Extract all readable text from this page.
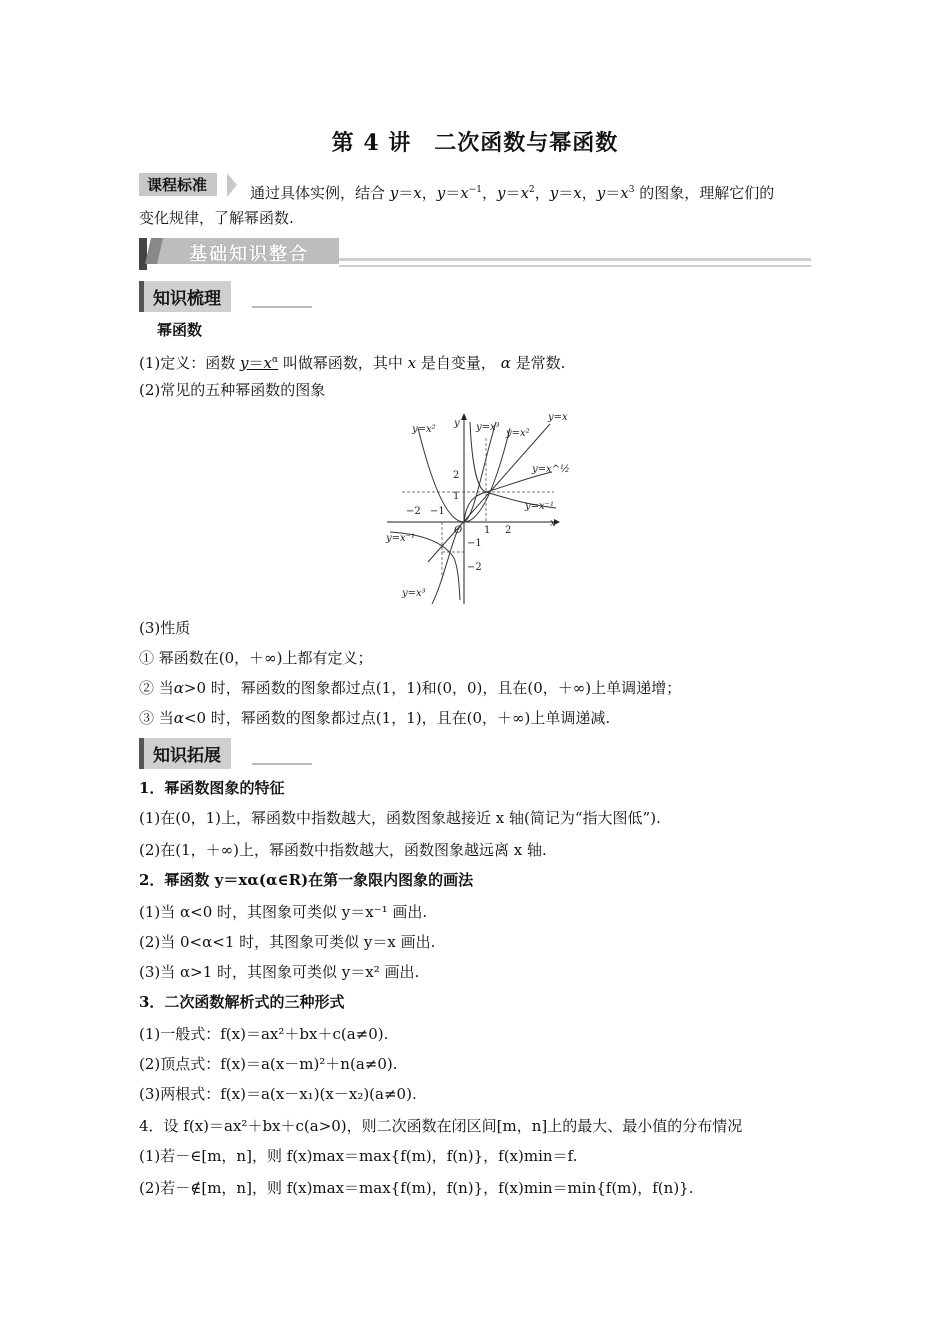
第 4 讲　二次函数与幂函数
课程标准	通过具体实例，结合 y＝x，$y=x^{-1}$，$y=x^2$，y＝x，$y=x^3$ 的图象，理解它们的
变化规律，了解幂函数.
基础知识整合
知识梳理
幂函数
(1)定义：函数 $y=x^\alpha$ 叫做幂函数，其中 x 是自变量， α 是常数.
(2)常见的五种幂函数的图象
y=x²	y=x³
y=x²
y=x
y=x^½
y=x⁻¹
y=x⁻¹
y=x³
−2 −1
O 1 2
2
1
−1
−2
x
y
(3)性质
① 幂函数在(0，＋∞)上都有定义；
② 当α>0 时，幂函数的图象都过点(1，1)和(0，0)，且在(0，＋∞)上单调递增；
③ 当α<0 时，幂函数的图象都过点(1，1)，且在(0，＋∞)上单调递减.
知识拓展
1．幂函数图象的特征
(1)在(0，1)上，幂函数中指数越大，函数图象越接近 x 轴(简记为“指大图低”).
(2)在(1，＋∞)上，幂函数中指数越大，函数图象越远离 x 轴.
2．幂函数 y＝xα(α∈R)在第一象限内图象的画法
(1)当 α<0 时，其图象可类似 y＝x⁻¹ 画出.
(2)当 0<α<1 时，其图象可类似 y＝x 画出.
(3)当 α>1 时，其图象可类似 y＝x² 画出.
3．二次函数解析式的三种形式
(1)一般式：f(x)＝ax²＋bx＋c(a≠0).
(2)顶点式：f(x)＝a(x－m)²＋n(a≠0).
(3)两根式：f(x)＝a(x－x₁)(x－x₂)(a≠0).
4．设 f(x)＝ax²＋bx＋c(a>0)，则二次函数在闭区间[m，n]上的最大、最小值的分布情况
(1)若－∈[m，n]，则 f(x)max＝max{f(m)，f(n)}，f(x)min＝f.
(2)若－∉[m，n]，则 f(x)max＝max{f(m)，f(n)}，f(x)min＝min{f(m)，f(n)}.
